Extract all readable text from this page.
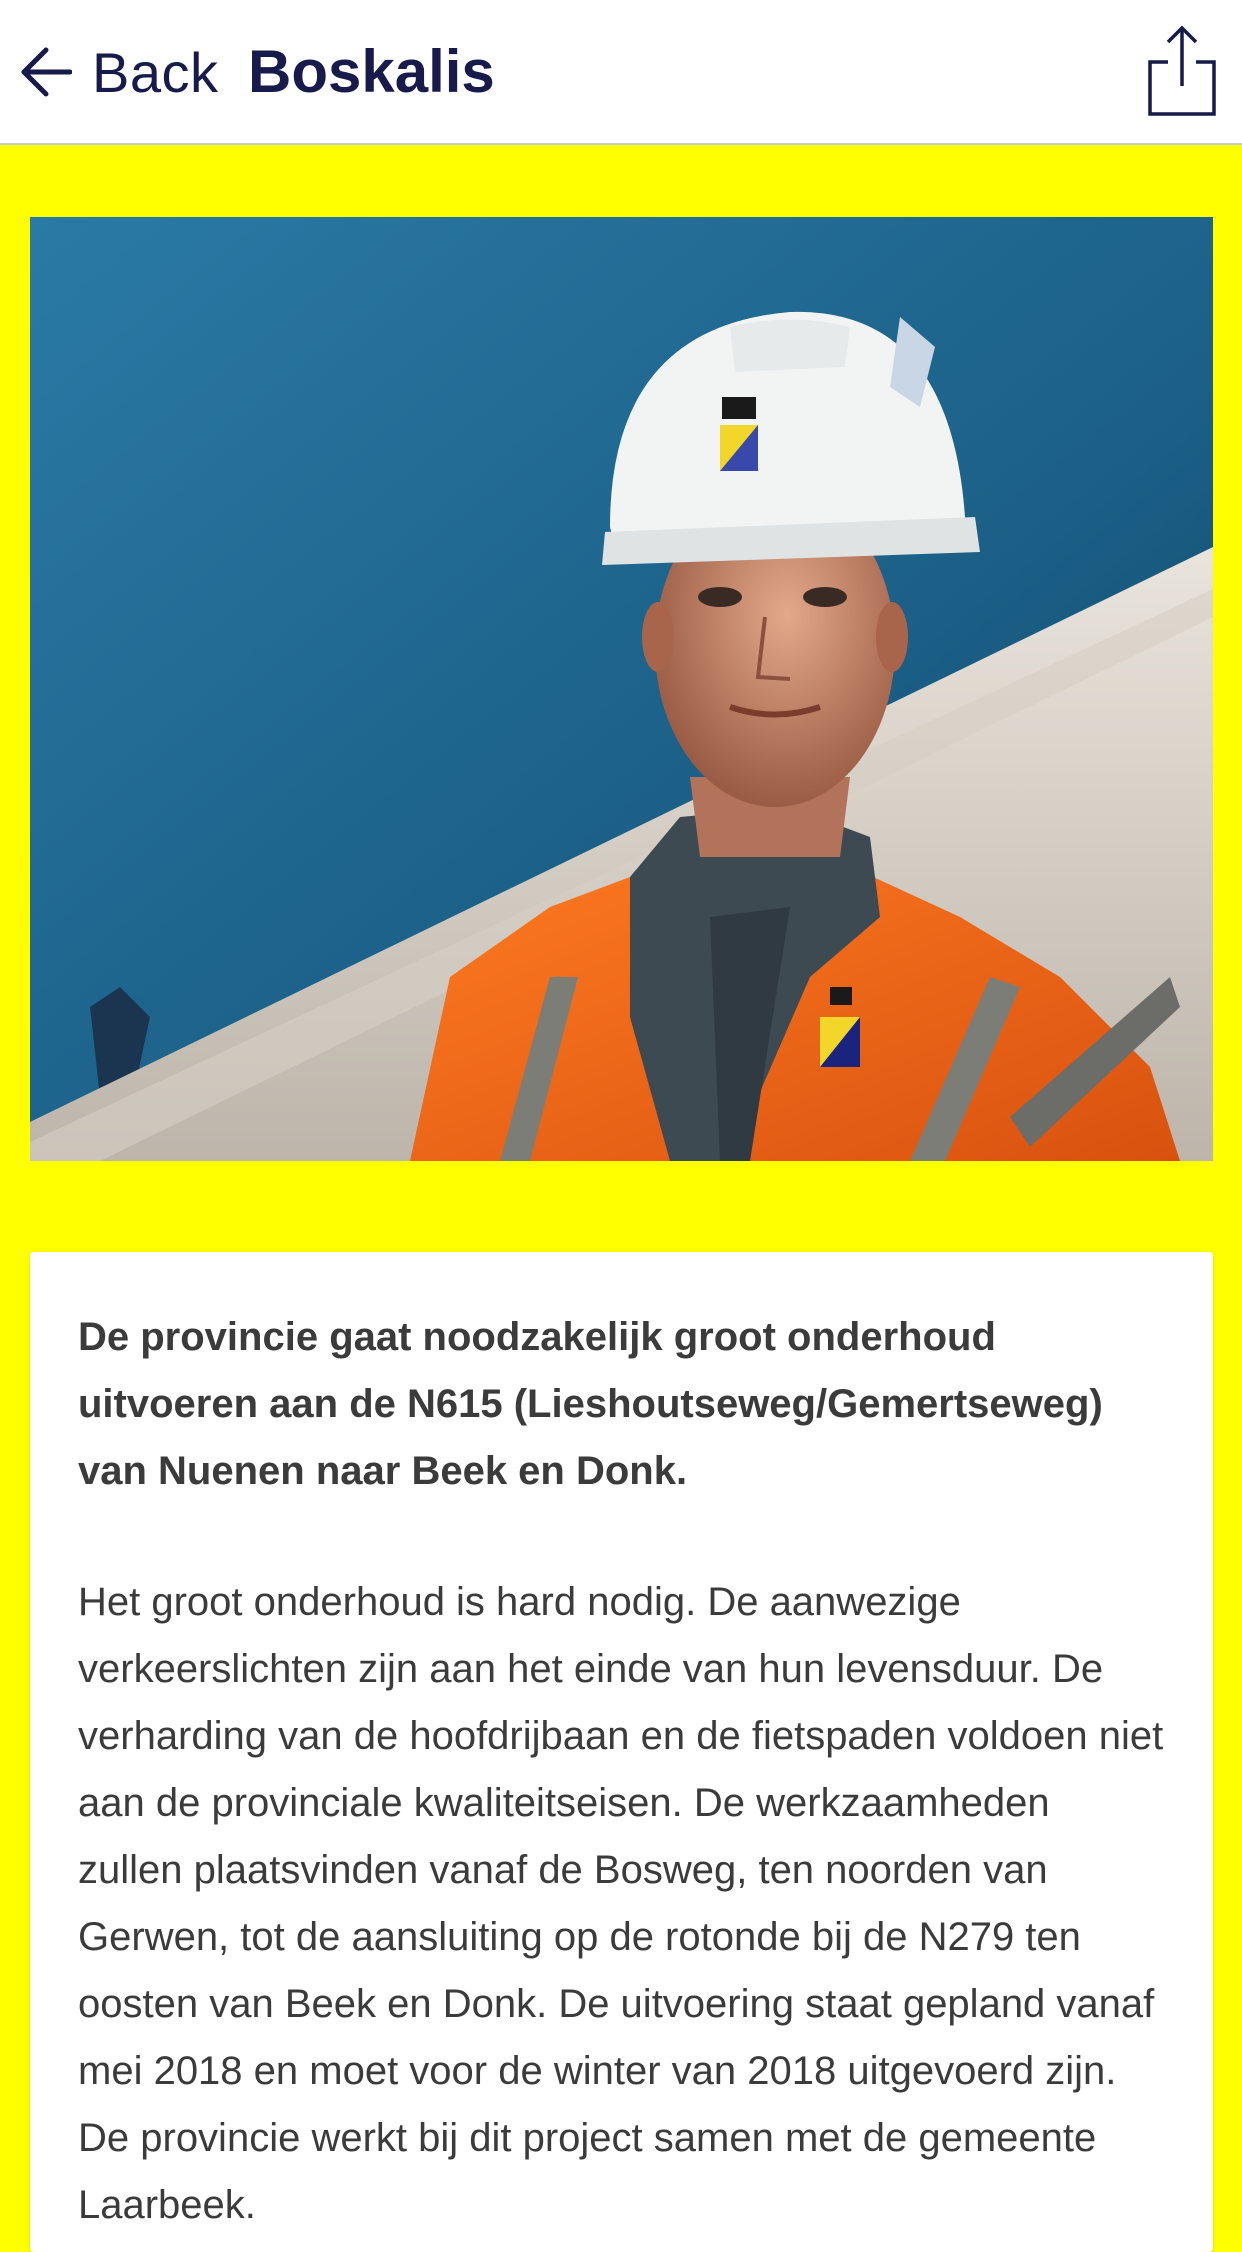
Back Boskalis

De provincie gaat noodzakelijk groot onderhoud uitvoeren aan de N615 (Lieshoutseweg/Gemertseweg) van Nuenen naar Beek en Donk.

Het groot onderhoud is hard nodig. De aanwezige verkeerslichten zijn aan het einde van hun levensduur. De verharding van de hoofdrijbaan en de fietspaden voldoen niet aan de provinciale kwaliteitseisen. De werkzaamheden zullen plaatsvinden vanaf de Bosweg, ten noorden van Gerwen, tot de aansluiting op de rotonde bij de N279 ten oosten van Beek en Donk. De uitvoering staat gepland vanaf mei 2018 en moet voor de winter van 2018 uitgevoerd zijn. De provincie werkt bij dit project samen met de gemeente Laarbeek.
